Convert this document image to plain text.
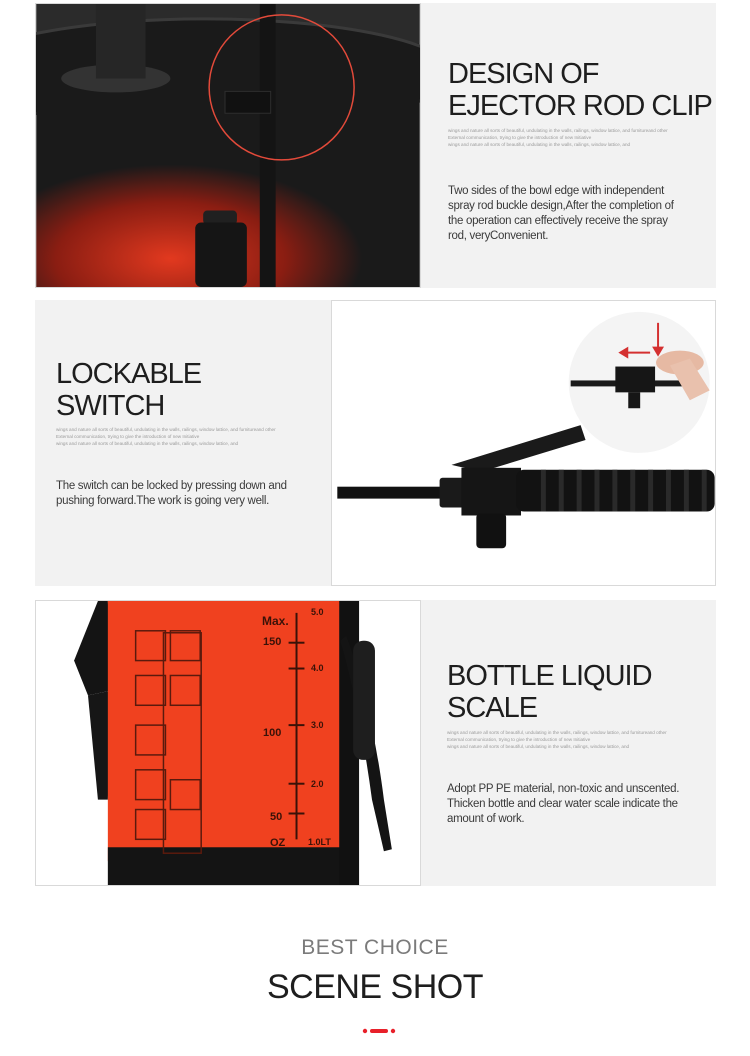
DESIGN OF
EJECTOR ROD CLIP
wings and nature all sorts of beautiful, undulating in the walls, railings, window lattice, and furnitureand other
External communication, trying to give the introduction of new Initiative
wings and nature all sorts of beautiful, undulating in the walls, railings, window lattice, and
Two sides of the bowl edge with independent spray rod buckle design,After the completion of the operation can effectively receive the spray rod, veryConvenient.
LOCKABLE
SWITCH
wings and nature all sorts of beautiful, undulating in the walls, railings, window lattice, and furnitureand other
External communication, trying to give the introduction of new Initiative
wings and nature all sorts of beautiful, undulating in the walls, railings, window lattice, and
The switch can be locked by pressing down and pushing forward.The work is going very well.
Max.
150
100
50
OZ
5.0
4.0
3.0
2.0
1.0LT
BOTTLE LIQUID
SCALE
wings and nature all sorts of beautiful, undulating in the walls, railings, window lattice, and furnitureand other
External communication, trying to give the introduction of new Initiative
wings and nature all sorts of beautiful, undulating in the walls, railings, window lattice, and
Adopt PP PE material, non-toxic and unscented. Thicken bottle and clear water scale indicate the amount of work.
BEST CHOICE
SCENE SHOT
